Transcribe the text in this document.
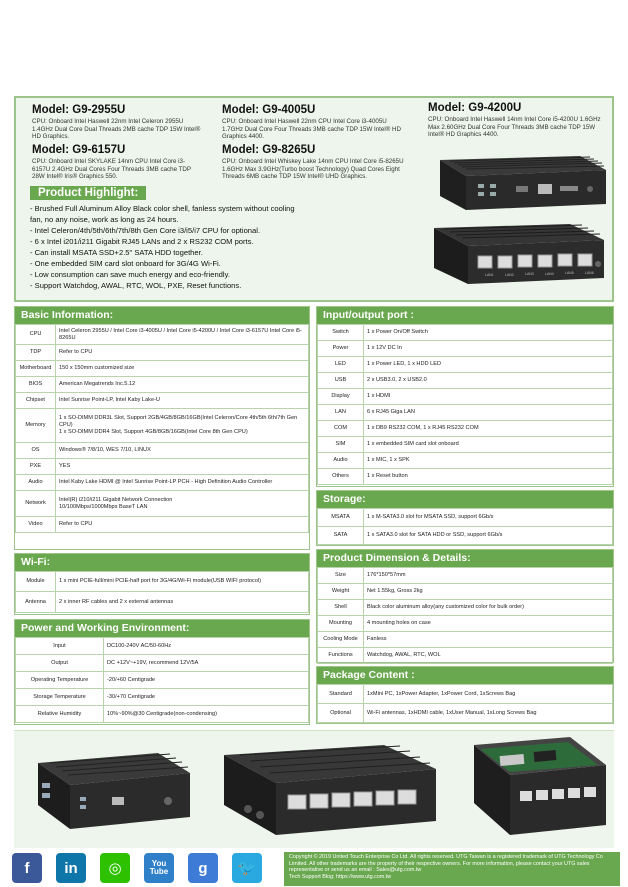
Model: G9-2955U

CPU: Onboard Intel Haswell 22nm Intel Celeron 2955U 1.4GHz Dual Core Dual Threads 2MB cache TDP 15W Intel® HD Graphics.

Model: G9-4005U

CPU: Onboard Intel Haswell 22nm CPU Intel Core i3-4005U 1.7GHz Dual Core Four Threads 3MB cache TDP 15W Intel® HD Graphics 4400.

Model: G9-4200U

CPU: Onboard Intel Haswell 14nm Intel Core i5-4200U 1.6GHz Max 2.60GHz Dual Core Four Threads 3MB cache TDP 15W Intel® HD Graphics 4400.

Model: G9-6157U

CPU: Onboard Intel SKYLAKE 14nm CPU Intel Core i3-6157U 2.4GHz Dual Cores Four Threads 3MB cache TDP 28W Intel® Iris® Graphics 550.

Model: G9-8265U

CPU: Onboard Intel Whiskey Lake 14nm CPU Intel Core i5-8265U 1.6GHz Max 3.9GHz(Turbo boost Technology) Quad Cores Eight Threads 6MB cache TDP 15W Intel® UHD Graphics.

LAN1	LAN2	LAN3	LAN4	LAN5	LAN6
Product Highlight:
- Brushed Full Aluminum Alloy Black color shell, fanless system without cooling
fan, no any noise, work as long as 24 hours.
- Intel Celeron/4th/5th/6th/7th/8th Gen Core i3/i5/i7 CPU for optional.
- 6 x Intel i201/i211 Gigabit RJ45 LANs and 2 x RS232 COM ports.
- Can install MSATA SSD+2.5" SATA HDD together.
- One embedded SIM card slot onboard for 3G/4G Wi-Fi.
- Low consumption can save much energy and eco-friendly.
- Support Watchdog, AWAL, RTC, WOL, PXE, Reset functions.
Basic Information:
CPU	Intel Celeron 2955U / Intel Core i3-4005U / Intel Core i5-4200U / Intel Core i3-6157U Intel Core i5-8265U
TDP	Refer to CPU
Motherboard	150 x 150mm customized size
BIOS	American Megatrends Inc.5.12
Chipset	Intel Sunrise Point-LP, Intel Kaby Lake-U
Memory	1 x SO-DIMM DDR3L Slot, Support 2GB/4GB/8GB/16GB(Intel Celeron/Core 4th/5th 6th/7th Gen CPU)
1 x SO-DIMM DDR4 Slot, Support 4GB/8GB/16GB(Intel Core 8th Gen CPU)
OS	Windows® 7/8/10, WES 7/10, LINUX
PXE	YES
Audio	Intel Kaby Lake HDMI @ Intel Sunrise Point-LP PCH - High Definition Audio Controller
Network	Intel(R) i210/i211 Gigabit Network Connection
10/100Mbps/1000Mbps BaseT LAN
Video	Refer to CPU
Wi-Fi:
Module	1 x mini PCIE-full/mini PCIE-half port for 3G/4G/Wi-Fi module(USB WIFI protocol)
Antenna	2 x inner RF cables and 2 x external antennas
Power and Working Environment:
Input	DC100-240V AC/50-60Hz
Output	DC +12V~+19V, recommend 12V/5A
Operating Temperature	-20/+60 Centigrade
Storage Temperature	-30/+70 Centigrade
Relative Humidity	10%~90%@30 Centigrade(non-condensing)
Input/output port :
Switch	1 x Power On/Off Switch
Power	1 x 12V DC In
LED	1 x Power LED, 1 x HDD LED
USB	2 x USB3.0, 2 x USB2.0
Display	1 x HDMI
LAN	6 x RJ45 Giga LAN
COM	1 x DB9 RS232 COM, 1 x RJ45 RS232 COM
SIM	1 x embedded SIM card slot onboard
Audio	1 x MIC, 1 x SPK
Others	1 x Reset button
Storage:
MSATA	1 x M-SATA3.0 slot for MSATA SSD, support 6Gb/s
SATA	1 x SATA3.0 slot for SATA HDD or SSD, support 6Gb/s
Product Dimension & Details:
Size	176*150*57mm
Weight	Net 1.55kg, Gross 2kg
Shell	Black color aluminum alloy(any customized color for bulk order)
Mounting	4 mounting holes on case
Cooling Mode	Fanless
Functions	Watchdog, AWAL, RTC, WOL
Package Content :
Standard	1xMini PC, 1xPower Adapter, 1xPower Cord, 1xScrews Bag
Optional	Wi-Fi antennas, 1xHDMI cable, 1xUser Manual, 1xLong Screws Bag
f	in	◎	You Tube	g	🐦
Copyright © 2019 United Touch Enterprise Co Ltd. All rights reserved. UTG Taiwan is a registered trademark of UTG Technology Co Limited. All other trademarks are the property of their respective owners. For more information, please contact your UTG sales representative or send us an email : Sales@utg.com.tw
Tech Support Blog: https://www.utg.com.tw
